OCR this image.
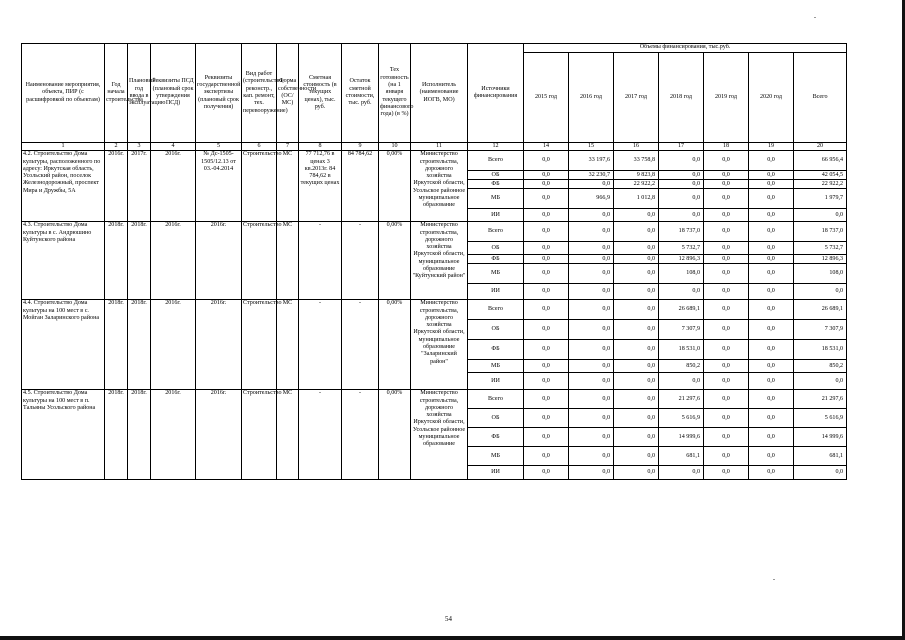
Наименование мероприятия, объекта, ПИР (с расшифровкой по объектам)	Год начала строительства	Плановый год ввода в эксплуатацию	Реквизиты ПСД (плановый срок утверждения ПСД)	Реквизиты государственной экспертизы (плановый срок получения)	Вид работ (строительство, реконстр., кап. ремонт, тех. перевооружение)	Форма собственности (ОС/МС)	Сметная стоимость (в текущих ценах), тыс. руб.	Остаток сметной стоимости, тыс. руб.	Тех готовность (на 1 января текущего финансового года) (в %)	Исполнитель (наименование ИОГВ, МО)	Источники финансирования	Объемы финансирования, тыс.руб.						
												2015 год	2016 год	2017 год	2018 год	2019 год	2020 год	Всего
1	2	3	4	5	6	7	8	9	10	11	12	14	15	16	17	18	19	20
4.2. Строительство Дома культуры, расположенного по адресу: Иркутская область, Усольский район, поселок Железнодорожный, проспект Мира и Дружбы, 5А	2016г.	2017г.	2016г.	№ Дс-1505-1505/12.13 от 03.-04.2014	Строительство	МС	77 712,76 в ценах 3 кв.2013г. 84 784,62 в текущих ценах	84 784,62	0,00%	Министерство строительства, дорожного хозяйства Иркутской области, Усольское районное муниципальное образование	Всего	0,0	33 197,6	33 758,8	0,0	0,0	0,0	66 956,4
											ОБ	0,0	32 230,7	9 823,8	0,0	0,0	0,0	42 054,5
											ФБ	0,0	0,0	22 922,2	0,0	0,0	0,0	22 922,2
											МБ	0,0	966,9	1 012,8	0,0	0,0	0,0	1 979,7
											ИИ	0,0	0,0	0,0	0,0	0,0	0,0	0,0
4.3. Строительство Дома культуры в с. Андрюшино Куйтунского района	2018г.	2018г.	2016г.	2016г.	Строительство	МС	-	-	0,00%	Министерство строительства, дорожного хозяйства Иркутской области, муниципальное образование "Куйтунский район"	Всего	0,0	0,0	0,0	18 737,0	0,0	0,0	18 737,0
											ОБ	0,0	0,0	0,0	5 732,7	0,0	0,0	5 732,7
											ФБ	0,0	0,0	0,0	12 896,3	0,0	0,0	12 896,3
											МБ	0,0	0,0	0,0	108,0	0,0	0,0	108,0
											ИИ	0,0	0,0	0,0	0,0	0,0	0,0	0,0
4.4. Строительство Дома культуры на 100 мест в с. Мойган Заларинского района	2018г.	2018г.	2016г.	2016г.	Строительство	МС	-	-	0,00%	Министерство строительства, дорожного хозяйства Иркутской области, муниципальное образование "Заларинский район"	Всего	0,0	0,0	0,0	26 689,1	0,0	0,0	26 689,1
											ОБ	0,0	0,0	0,0	7 307,9	0,0	0,0	7 307,9
											ФБ	0,0	0,0	0,0	18 531,0	0,0	0,0	18 531,0
											МБ	0,0	0,0	0,0	850,2	0,0	0,0	850,2
											ИИ	0,0	0,0	0,0	0,0	0,0	0,0	0,0
4.5. Строительство Дома культуры на 100 мест в п. Тальяны Усольского района	2018г.	2018г.	2016г.	2016г.	Строительство	МС	-	-	0,00%	Министерство строительства, дорожного хозяйства Иркутской области, Усольское районное муниципальное образование	Всего	0,0	0,0	0,0	21 297,6	0,0	0,0	21 297,6
											ОБ	0,0	0,0	0,0	5 616,9	0,0	0,0	5 616,9
											ФБ	0,0	0,0	0,0	14 999,6	0,0	0,0	14 999,6
											МБ	0,0	0,0	0,0	681,1	0,0	0,0	681,1
											ИИ	0,0	0,0	0,0	0,0	0,0	0,0	0,0
54
